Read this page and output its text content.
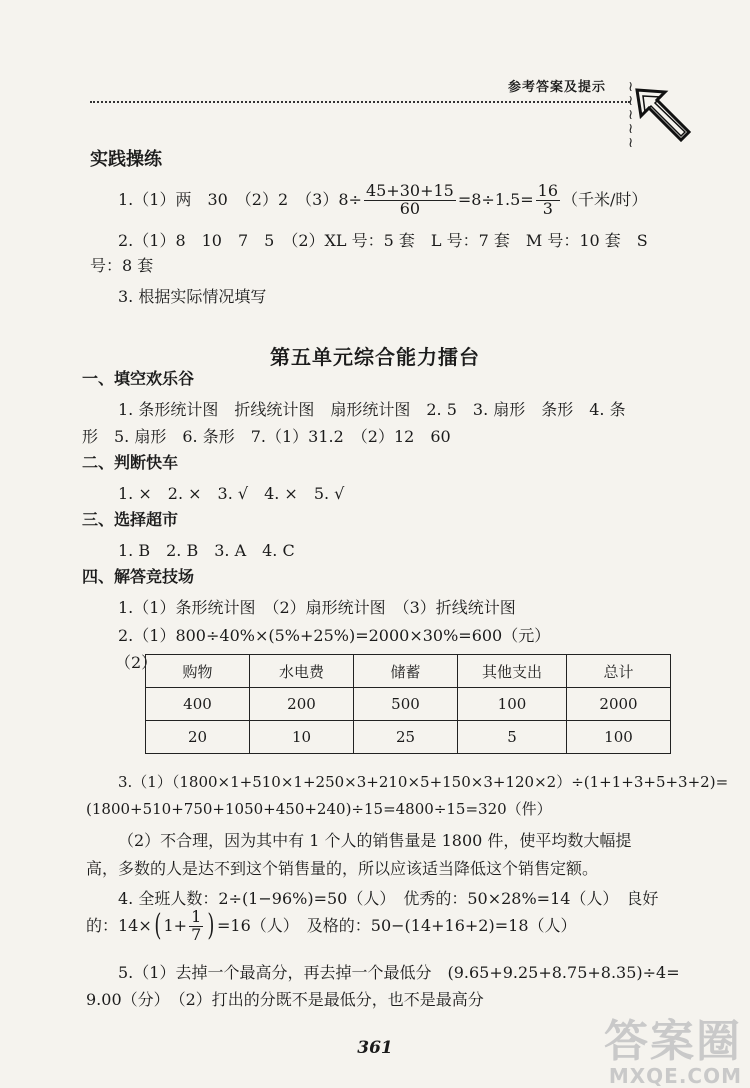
参考答案及提示 ≀
≀
≀
≀
≀
实践操练
1.（1）两　30　（2）2　$(3)8\div \frac{45+30+15}{60} =8\div 1.5= \frac{16}{3}$ （千米/时）
2.（1）8　10　7　5　（2）XL 号：5 套　L 号：7 套　M 号：10 套　S
号：8 套
3. 根据实际情况填写
第五单元综合能力擂台
一、填空欢乐谷
1. 条形统计图　折线统计图　扇形统计图　2. 5　3. 扇形　条形　4. 条
形　5. 扇形　6. 条形　7.（1）31.2　（2）12　60
二、判断快车
1. ×　2. ×　3. √　4. ×　5. √
三、选择超市
1. B　2. B　3. A　4. C
四、解答竞技场
1.（1）条形统计图　（2）扇形统计图　（3）折线统计图
2.（1）800÷40%×(5%+25%)=2000×30%=600（元）
（2） 购物	水电费	储蓄	其他支出	总计
400	200	500	100	2000
20	10	25	5	100
3.（1）（1800×1+510×1+250×3+210×5+150×3+120×2）÷(1+1+3+5+3+2)=
(1800+510+750+1050+450+240)÷15=4800÷15=320（件）
（2）不合理，因为其中有 1 个人的销售量是 1800 件，使平均数大幅提
高，多数的人是达不到这个销售量的，所以应该适当降低这个销售定额。
4. 全班人数：2÷(1−96%)=50（人）　优秀的：50×28%=14（人）　良好
的：14×( $1+ \frac{1}{7}$ ) =16（人）　及格的：50−(14+16+2)=18（人）
5.（1）去掉一个最高分，再去掉一个最低分　(9.65+9.25+8.75+8.35)÷4=
9.00（分）　（2）打出的分既不是最低分，也不是最高分
361	答案圈
MXQE.COM
